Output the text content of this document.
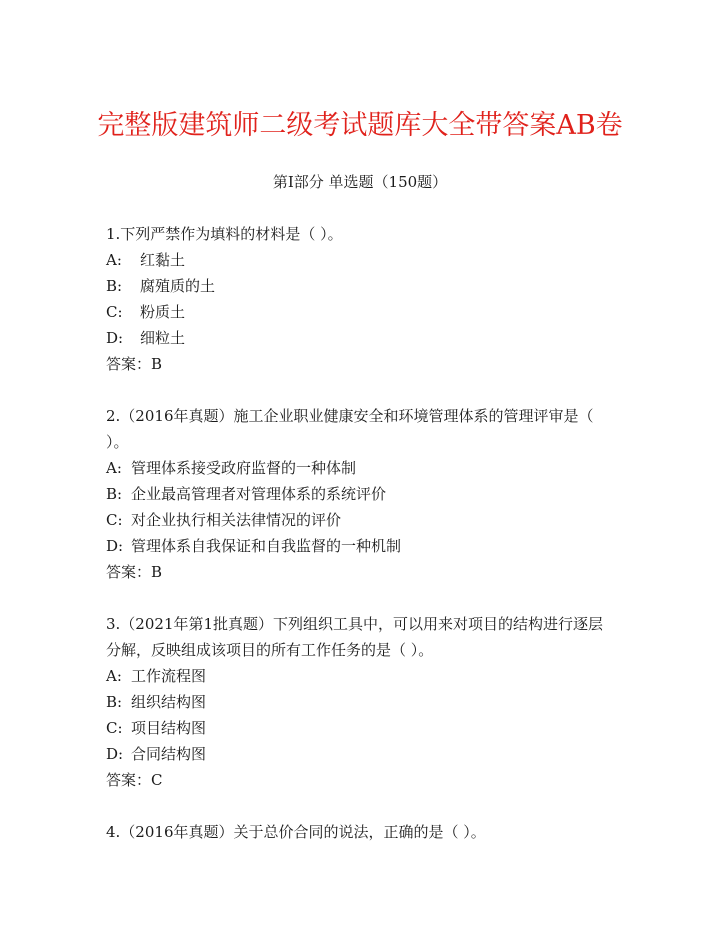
完整版建筑师二级考试题库大全带答案AB卷
第I部分 单选题（150题）

1.下列严禁作为填料的材料是（ ）。

A: 红黏土
B: 腐殖质的土
C: 粉质土
D: 细粒土
答案：B

2.（2016年真题）施工企业职业健康安全和环境管理体系的管理评审是（ ）。

A: 管理体系接受政府监督的一种体制
B: 企业最高管理者对管理体系的系统评价
C: 对企业执行相关法律情况的评价
D: 管理体系自我保证和自我监督的一种机制
答案：B

3.（2021年第1批真题）下列组织工具中，可以用来对项目的结构进行逐层分解，反映组成该项目的所有工作任务的是（ ）。

A: 工作流程图
B: 组织结构图
C: 项目结构图
D: 合同结构图
答案：C

4.（2016年真题）关于总价合同的说法，正确的是（ ）。
